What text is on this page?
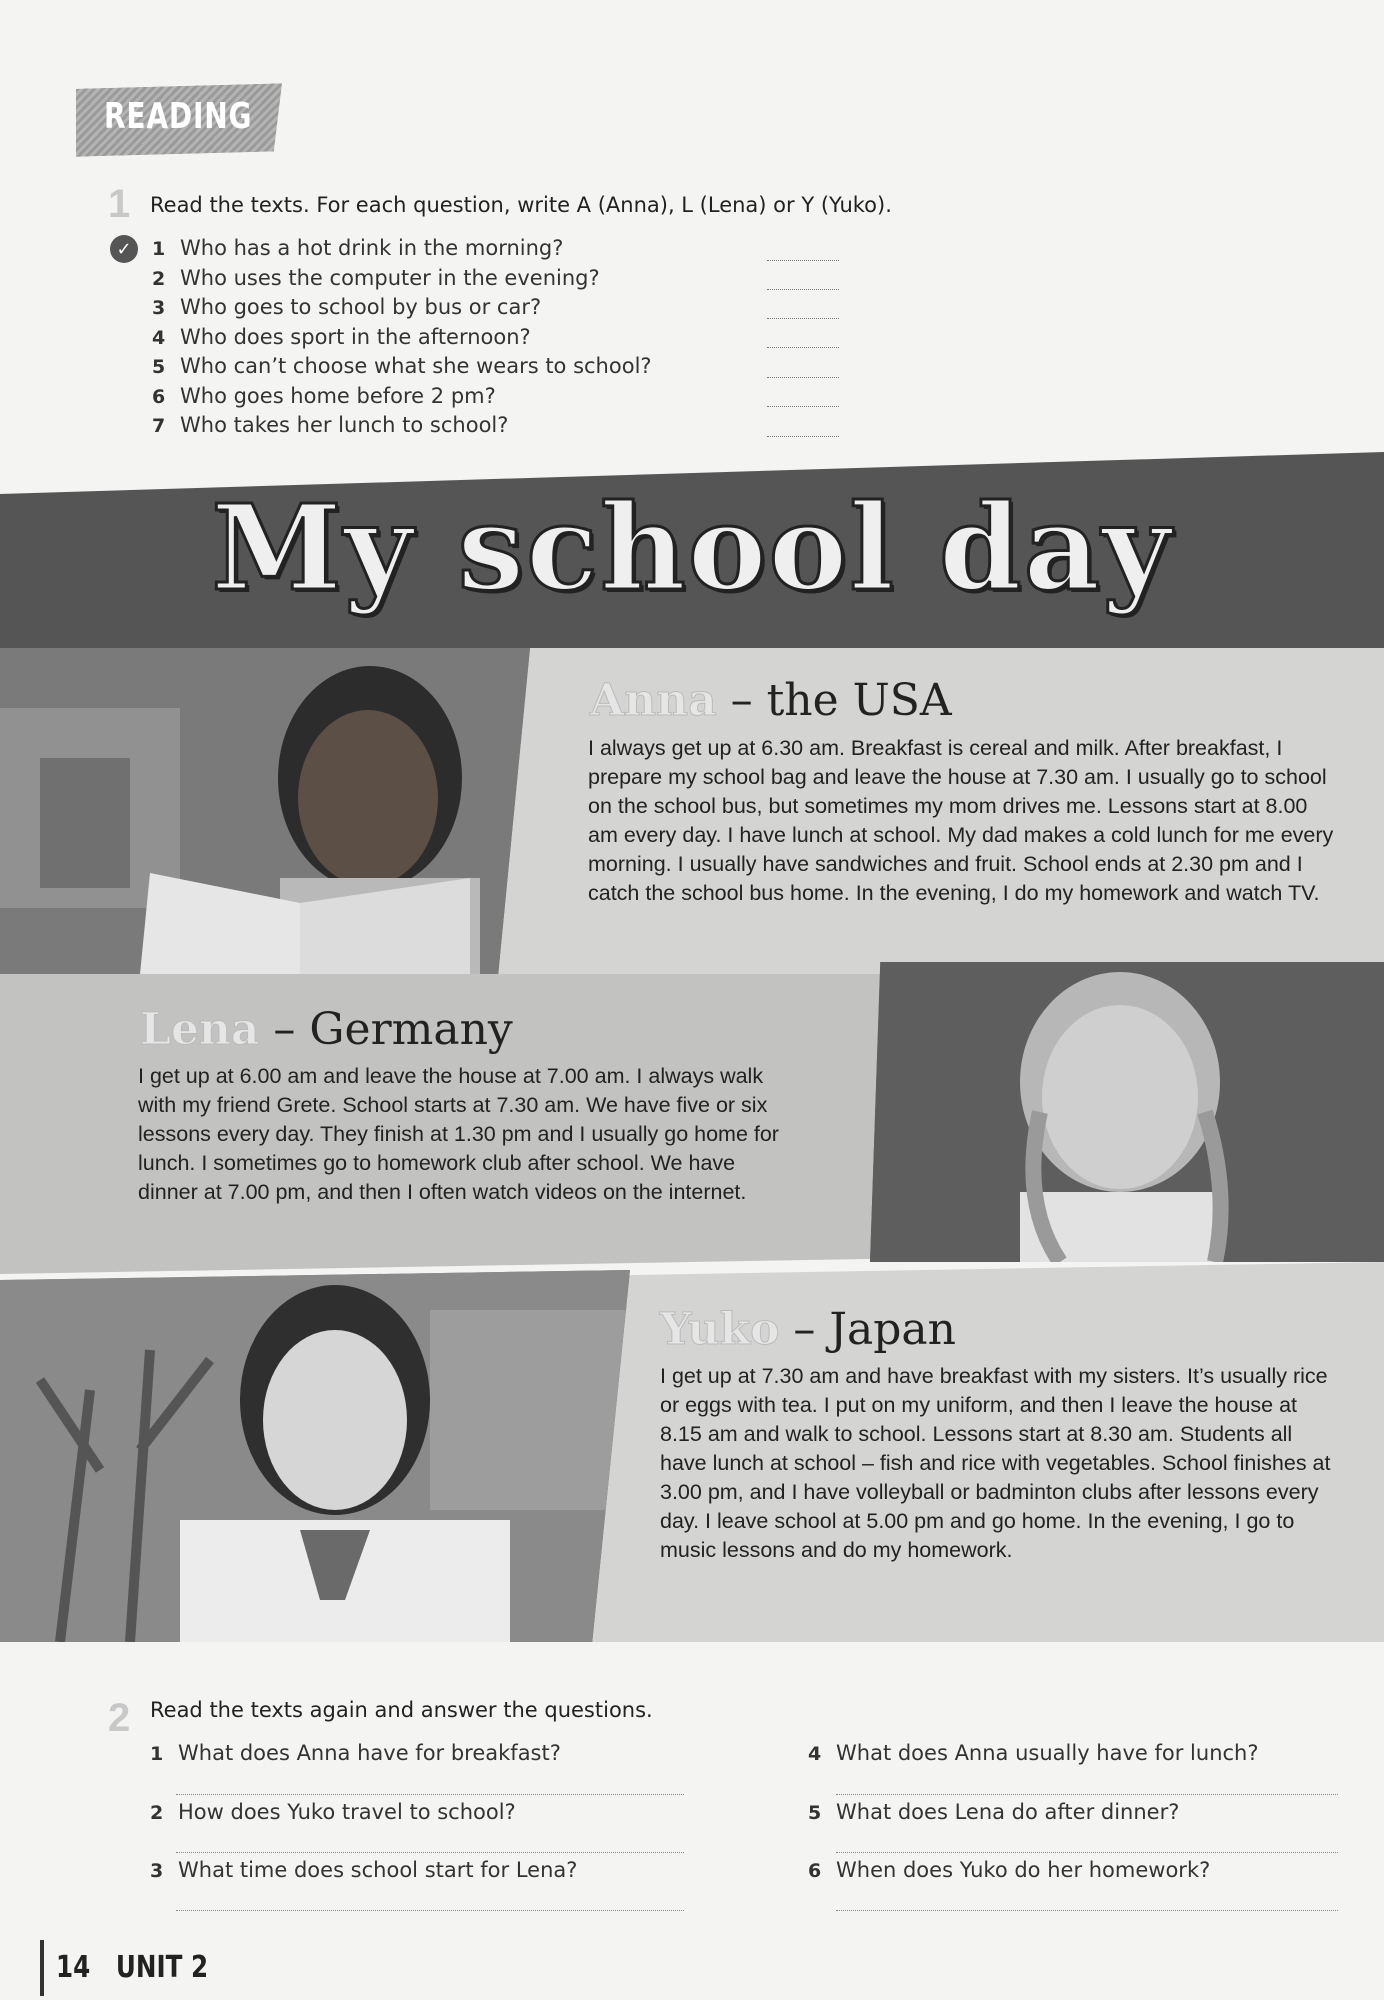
READING
1 Read the texts. For each question, write A (Anna), L (Lena) or Y (Yuko).
✓	1 Who has a hot drink in the morning?
2 Who uses the computer in the evening?
3 Who goes to school by bus or car?
4 Who does sport in the afternoon?
5 Who can’t choose what she wears to school?
6 Who goes home before 2 pm?
7 Who takes her lunch to school?
My school day
Anna – the USA
I always get up at 6.30 am. Breakfast is cereal and milk. After breakfast, I prepare my school bag and leave the house at 7.30 am. I usually go to school on the school bus, but sometimes my mom drives me. Lessons start at 8.00 am every day. I have lunch at school. My dad makes a cold lunch for me every morning. I usually have sandwiches and fruit. School ends at 2.30 pm and I catch the school bus home. In the evening, I do my homework and watch TV.
Lena – Germany
I get up at 6.00 am and leave the house at 7.00 am. I always walk with my friend Grete. School starts at 7.30 am. We have five or six lessons every day. They finish at 1.30 pm and I usually go home for lunch. I sometimes go to homework club after school. We have dinner at 7.00 pm, and then I often watch videos on the internet.
Yuko – Japan
I get up at 7.30 am and have breakfast with my sisters. It’s usually rice or eggs with tea. I put on my uniform, and then I leave the house at 8.15 am and walk to school. Lessons start at 8.30 am. Students all have lunch at school – fish and rice with vegetables. School finishes at 3.00 pm, and I have volleyball or badminton clubs after lessons every day. I leave school at 5.00 pm and go home. In the evening, I go to music lessons and do my homework.
2 Read the texts again and answer the questions.
1 What does Anna have for breakfast?
2 How does Yuko travel to school?
3 What time does school start for Lena?
4 What does Anna usually have for lunch?
5 What does Lena do after dinner?
6 When does Yuko do her homework?
14 UNIT 2
